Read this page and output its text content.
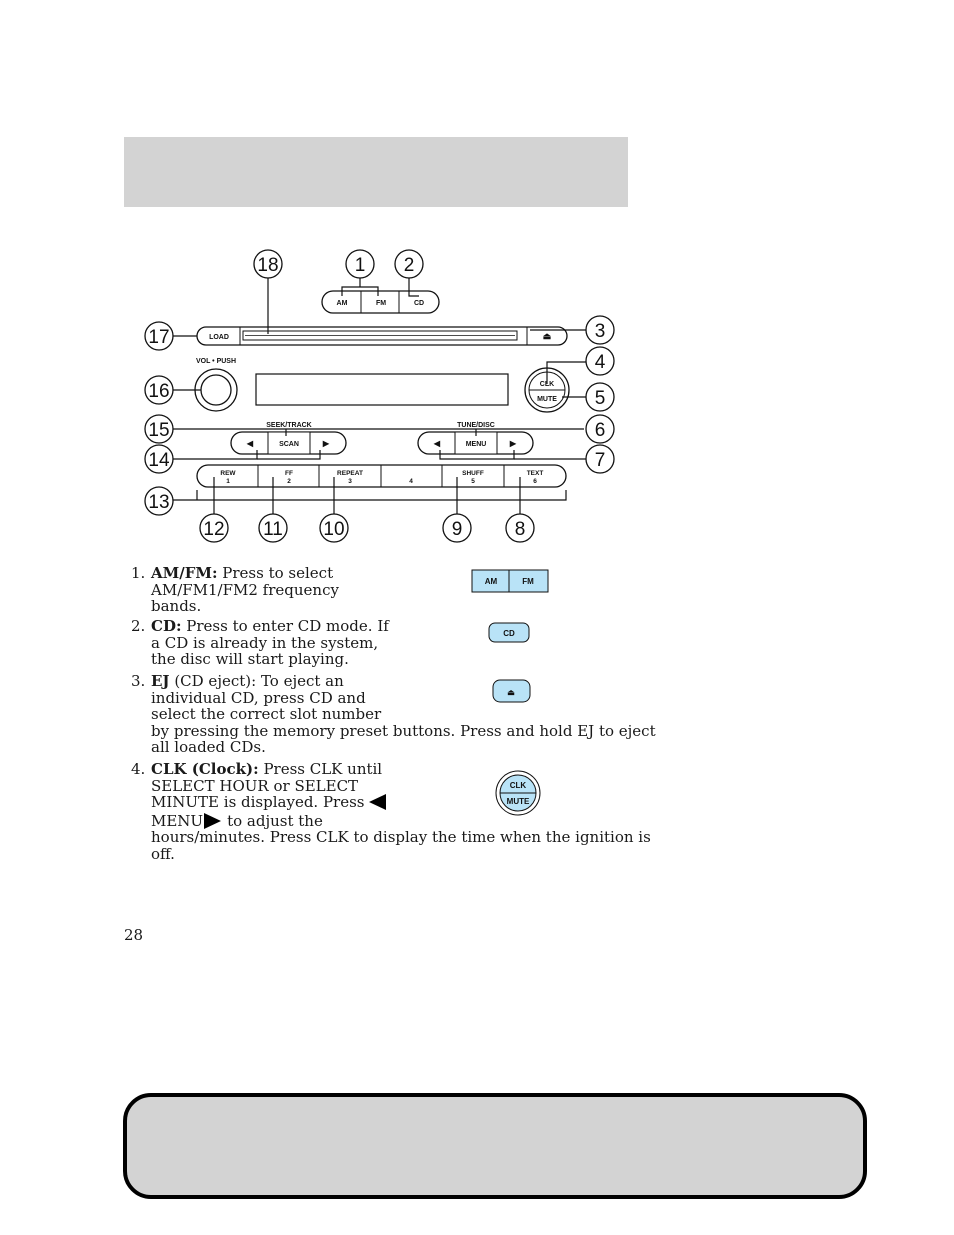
AM	FM	CD
LOAD	⏏
VOL • PUSH
CLK
MUTE
SEEK/TRACK
◀	SCAN	▶
TUNE/DISC
◀	MENU	▶
REW
1
FF
2
REPEAT
3	4
SHUFF
5
TEXT
6
1 2
3
4
5
6
7
8
9
10
11
12
13
14
15
16
17
18
1. AM/FM: Press to select AM/FM1/FM2 frequency bands.
AM	FM
2. CD: Press to enter CD mode. If a CD is already in the system, the disc will start playing.
CD
3. EJ (CD eject): To eject an
individual CD, press CD and
select the correct slot number
by pressing the memory preset buttons. Press and hold EJ to eject
all loaded CDs.
⏏
4. CLK (Clock): Press CLK until
SELECT HOUR or SELECT
MINUTE is displayed. Press
MENU to adjust the
hours/minutes. Press CLK to display the time when the ignition is
off.
CLK
MUTE
28
